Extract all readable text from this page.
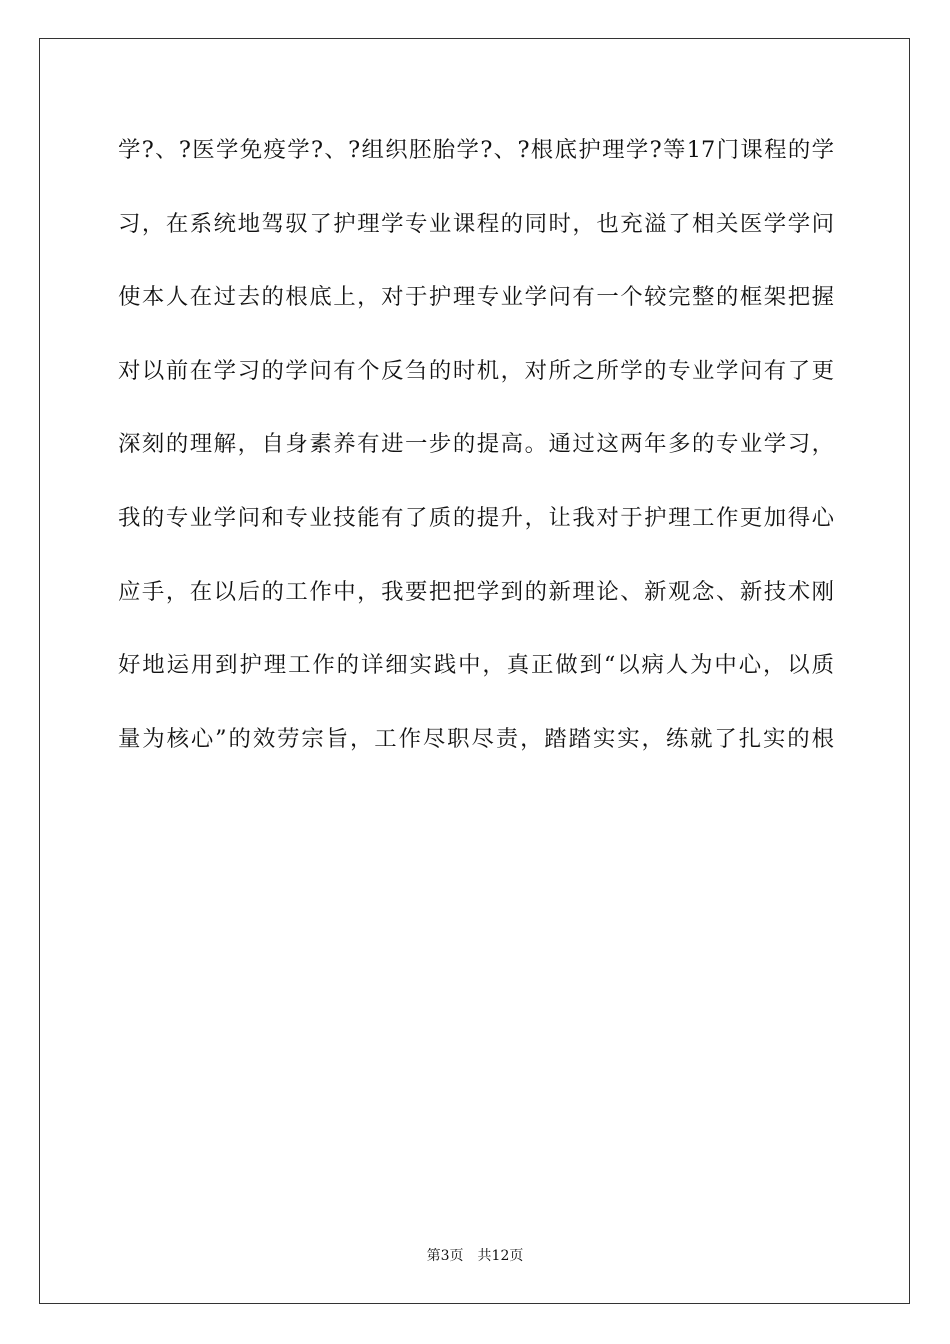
学?、?医学免疫学?、?组织胚胎学?、?根底护理学?等17门课程的学
习，在系统地驾驭了护理学专业课程的同时，也充溢了相关医学学问
使本人在过去的根底上，对于护理专业学问有一个较完整的框架把握
对以前在学习的学问有个反刍的时机，对所之所学的专业学问有了更
深刻的理解，自身素养有进一步的提高。通过这两年多的专业学习，
我的专业学问和专业技能有了质的提升，让我对于护理工作更加得心
应手，在以后的工作中，我要把把学到的新理论、新观念、新技术刚
好地运用到护理工作的详细实践中，真正做到“以病人为中心，以质
量为核心”的效劳宗旨，工作尽职尽责，踏踏实实，练就了扎实的根
第3页 共12页
